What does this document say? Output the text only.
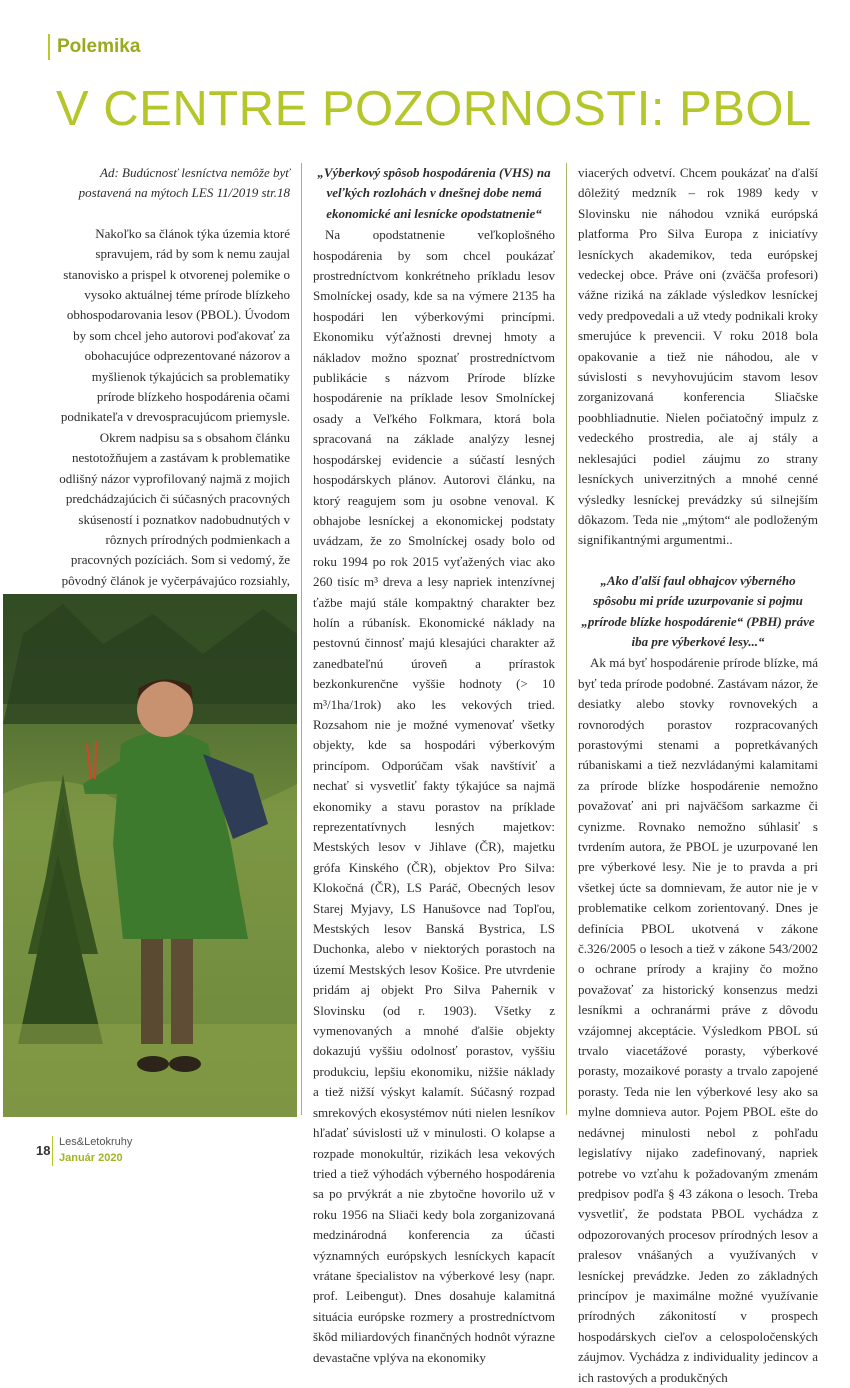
Polemika
V CENTRE POZORNOSTI: PBOL

Ad: Budúcnosť lesníctva nemôže byť postavená na mýtoch LES 11/2019 str.18

Nakoľko sa článok týka územia ktoré spravujem, rád by som k nemu zaujal stanovisko a prispel k otvorenej polemike o vysoko aktuálnej téme prírode blízkeho obhospodarovania lesov (PBOL). Úvodom by som chcel jeho autorovi poďakovať za obohacujúce odprezentované názorov a myšlienok týkajúcich sa problematiky prírode blízkeho hospodárenia očami podnikateľa v drevospracujúcom priemysle. Okrem nadpisu sa s obsahom článku nestotožňujem a zastávam k problematike odlišný názor vyprofilovaný najmä z mojich predchádzajúcich či súčasných pracovných skúseností i poznatkov nadobudnutých v rôznych prírodných podmienkach a pracovných pozíciách. Som si vedomý, že pôvodný článok je vyčerpávajúco rozsiahly,

„Výberkový spôsob hospodárenia (VHS) na veľkých rozlohách v dnešnej dobe nemá ekonomické ani lesnícke opodstatnenie“

Na opodstatnenie veľkoplošného hospodárenia by som chcel poukázať prostredníctvom konkrétneho príkladu lesov Smolníckej osady, kde sa na výmere 2135 ha hospodári len výberkovými princípmi. Ekonomiku výťažnosti drevnej hmoty a nákladov možno spoznať prostredníctvom publikácie s názvom Prírode blízke hospodárenie na príklade lesov Smolníckej osady a Veľkého Folkmara, ktorá bola spracovaná na základe analýzy lesnej hospodárskej evidencie a súčastí lesných hospodárskych plánov. Autorovi článku, na ktorý reagujem som ju osobne venoval. K obhajobe lesníckej a ekonomickej podstaty uvádzam, že zo Smolníckej osady bolo od roku 1994 po rok 2015 vyťažených viac ako 260 tisíc m³ dreva a lesy napriek intenzívnej ťažbe majú stále kompaktný charakter bez holín a rúbanísk. Ekonomické náklady na pestovnú činnosť majú klesajúci charakter až zanedbateľnú úroveň a prírastok bezkonkurenčne vyššie hodnoty (> 10 m³/1ha/1rok) ako les vekových tried. Rozsahom nie je možné vymenovať všetky objekty, kde sa hospodári výberkovým princípom. Odporúčam však navštíviť a nechať si vysvetliť fakty týkajúce sa najmä ekonomiky a stavu porastov na príklade reprezentatívnych lesných majetkov: Mestských lesov v Jihlave (ČR), majetku grófa Kinského (ČR), objektov Pro Silva: Klokočná (ČR), LS Paráč, Obecných lesov Starej Myjavy, LS Hanušovce nad Topľou, Mestských lesov Banská Bystrica, LS Duchonka, alebo v niektorých porastoch na území Mestských lesov Košice. Pre utvrdenie pridám aj objekt Pro Silva Pahernik v Slovinsku (od r. 1903). Všetky z vymenovaných a mnohé ďalšie objekty dokazujú vyššiu odolnosť porastov, vyššiu produkciu, lepšiu ekonomiku, nižšie náklady a tiež nižší výskyt kalamít. Súčasný rozpad smrekových ekosystémov núti nielen lesníkov hľadať súvislosti už v minulosti. O kolapse a rozpade monokultúr, rizikách lesa vekových tried a tiež výhodách výberného hospodárenia sa po prvýkrát a nie zbytočne hovorilo už v roku 1956 na Sliači kedy bola zorganizovaná medzinárodná konferencia za účasti významných európskych lesníckych kapacít vrátane špecialistov na výberkové lesy (napr. prof. Leibengut). Dnes dosahuje kalamitná situácia európske rozmery a prostredníctvom škôd miliardových finančných hodnôt výrazne devastačne vplýva na ekonomiky

viacerých odvetví. Chcem poukázať na ďalší dôležitý medzník – rok 1989 kedy v Slovinsku nie náhodou vzniká európská platforma Pro Silva Europa z iniciatívy lesníckych akademikov, teda európskej vedeckej obce. Práve oni (zväčša profesori) vážne riziká na základe výsledkov lesníckej vedy predpovedali a už vtedy podnikali kroky smerujúce k prevencii. V roku 2018 bola opakovanie a tiež nie náhodou, ale v súvislosti s nevyhovujúcim stavom lesov zorganizovaná konferencia Sliačske poobhliadnutie. Nielen počiatočný impulz z vedeckého prostredia, ale aj stály a neklesajúci podiel záujmu zo strany lesníckych univerzitných a mnohé cenné výsledky lesníckej prevádzky sú silnejším dôkazom. Teda nie „mýtom“ ale podloženým signifikantnými argumentmi..

„Ako ďalší faul obhajcov výberného spôsobu mi príde uzurpovanie si pojmu „prírode blízke hospodárenie“ (PBH) práve iba pre výberkové lesy...“

Ak má byť hospodárenie prírode blízke, má byť teda prírode podobné. Zastávam názor, že desiatky alebo stovky rovnovekých a rovnorodých porastov rozpracovaných porastovými stenami a popretkávaných rúbaniskami a tiež nezvládanými kalamitami za prírode blízke hospodárenie nemožno považovať ani pri najväčšom sarkazme či cynizme. Rovnako nemožno súhlasiť s tvrdením autora, že PBOL je uzurpované len pre výberkové lesy. Nie je to pravda a pri všetkej úcte sa domnievam, že autor nie je v problematike celkom zorientovaný. Dnes je definícia PBOL ukotvená v zákone č.326/2005 o lesoch a tiež v zákone 543/2002 o ochrane prírody a krajiny čo možno považovať za historický konsenzus medzi lesníkmi a ochranármi práve z dôvodu vzájomnej akceptácie. Výsledkom PBOL sú trvalo viacetážové porasty, výberkové porasty, mozaikové porasty a trvalo zapojené porasty. Teda nie len výberkové lesy ako sa mylne domnieva autor. Pojem PBOL ešte do nedávnej minulosti nebol z pohľadu legislatívy nijako zadefinovaný, napriek potrebe vo vzťahu k požadovaným zmenám predpisov podľa § 43 zákona o lesoch. Treba vysvetliť, že podstata PBOL vychádza z odpozorovaných procesov prírodných lesov a pralesov vnášaných a využívaných v lesníckej prevádzke. Jeden zo základných princípov je maximálne možné využívanie prírodných zákonitostí v prospech hospodárskych cieľov a celospoločenských záujmov. Vychádza z individuality jedincov a ich rastových a produkčných

18
Les&Letokruhy
Január 2020
